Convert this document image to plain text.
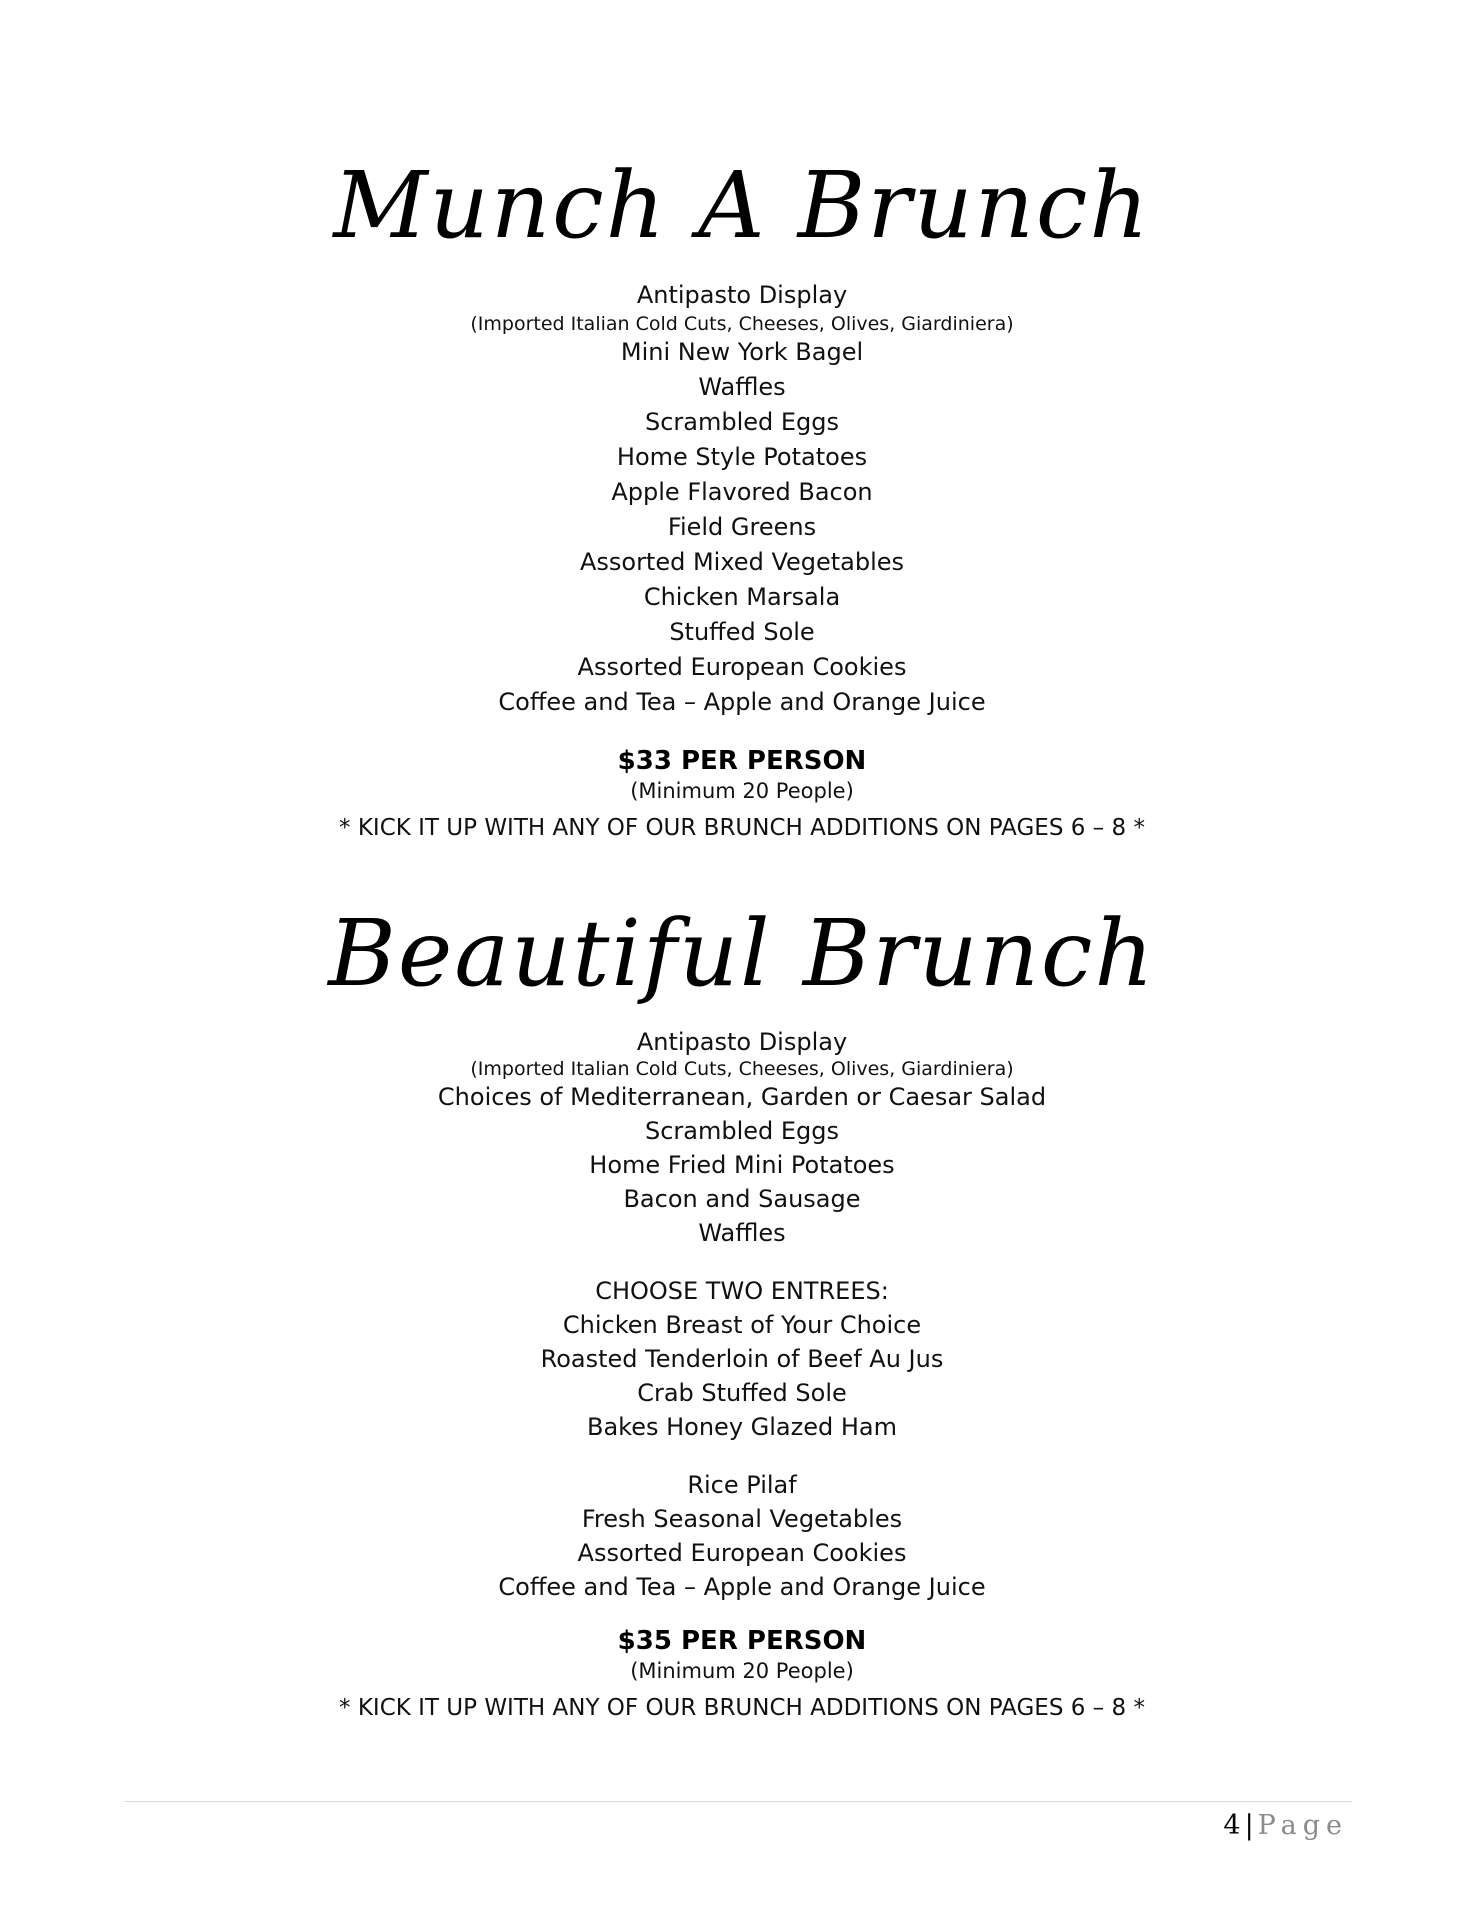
Munch A Brunch

Antipasto Display

(Imported Italian Cold Cuts, Cheeses, Olives, Giardiniera)

Mini New York Bagel

Waffles

Scrambled Eggs

Home Style Potatoes

Apple Flavored Bacon

Field Greens

Assorted Mixed Vegetables

Chicken Marsala

Stuffed Sole

Assorted European Cookies

Coffee and Tea – Apple and Orange Juice

$33 PER PERSON

(Minimum 20 People)

* KICK IT UP WITH ANY OF OUR BRUNCH ADDITIONS ON PAGES 6 – 8 *

Beautiful Brunch

Antipasto Display

(Imported Italian Cold Cuts, Cheeses, Olives, Giardiniera)

Choices of Mediterranean, Garden or Caesar Salad

Scrambled Eggs

Home Fried Mini Potatoes

Bacon and Sausage

Waffles

CHOOSE TWO ENTREES:

Chicken Breast of Your Choice

Roasted Tenderloin of Beef Au Jus

Crab Stuffed Sole

Bakes Honey Glazed Ham

Rice Pilaf

Fresh Seasonal Vegetables

Assorted European Cookies

Coffee and Tea – Apple and Orange Juice

$35 PER PERSON

(Minimum 20 People)

* KICK IT UP WITH ANY OF OUR BRUNCH ADDITIONS ON PAGES 6 – 8 *

4 | Page
